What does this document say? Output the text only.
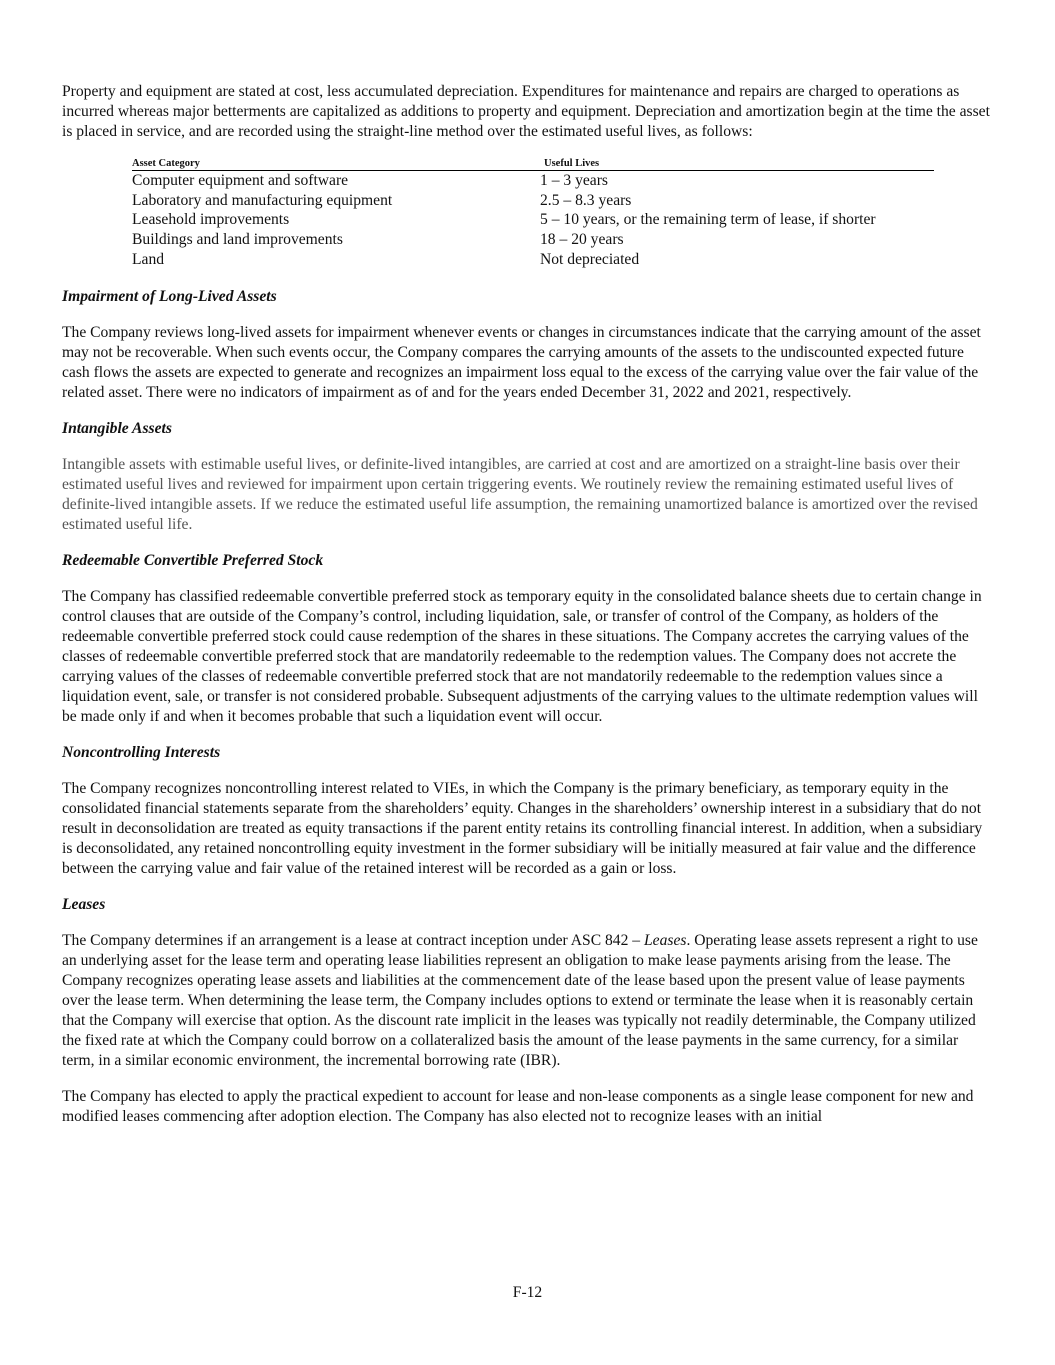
Property and equipment are stated at cost, less accumulated depreciation. Expenditures for maintenance and repairs are charged to operations as incurred whereas major betterments are capitalized as additions to property and equipment. Depreciation and amortization begin at the time the asset is placed in service, and are recorded using the straight-line method over the estimated useful lives, as follows:

Asset Category		Useful Lives
Computer equipment and software		1 – 3 years
Laboratory and manufacturing equipment		2.5 – 8.3 years
Leasehold improvements		5 – 10 years, or the remaining term of lease, if shorter
Buildings and land improvements		18 – 20 years
Land		Not depreciated

Impairment of Long-Lived Assets

The Company reviews long-lived assets for impairment whenever events or changes in circumstances indicate that the carrying amount of the asset may not be recoverable. When such events occur, the Company compares the carrying amounts of the assets to the undiscounted expected future cash flows the assets are expected to generate and recognizes an impairment loss equal to the excess of the carrying value over the fair value of the related asset. There were no indicators of impairment as of and for the years ended December 31, 2022 and 2021, respectively.

Intangible Assets

Intangible assets with estimable useful lives, or definite-lived intangibles, are carried at cost and are amortized on a straight-line basis over their estimated useful lives and reviewed for impairment upon certain triggering events. We routinely review the remaining estimated useful lives of definite-lived intangible assets. If we reduce the estimated useful life assumption, the remaining unamortized balance is amortized over the revised estimated useful life.

Redeemable Convertible Preferred Stock

The Company has classified redeemable convertible preferred stock as temporary equity in the consolidated balance sheets due to certain change in control clauses that are outside of the Company’s control, including liquidation, sale, or transfer of control of the Company, as holders of the redeemable convertible preferred stock could cause redemption of the shares in these situations. The Company accretes the carrying values of the classes of redeemable convertible preferred stock that are mandatorily redeemable to the redemption values. The Company does not accrete the carrying values of the classes of redeemable convertible preferred stock that are not mandatorily redeemable to the redemption values since a liquidation event, sale, or transfer is not considered probable. Subsequent adjustments of the carrying values to the ultimate redemption values will be made only if and when it becomes probable that such a liquidation event will occur.

Noncontrolling Interests

The Company recognizes noncontrolling interest related to VIEs, in which the Company is the primary beneficiary, as temporary equity in the consolidated financial statements separate from the shareholders’ equity. Changes in the shareholders’ ownership interest in a subsidiary that do not result in deconsolidation are treated as equity transactions if the parent entity retains its controlling financial interest. In addition, when a subsidiary is deconsolidated, any retained noncontrolling equity investment in the former subsidiary will be initially measured at fair value and the difference between the carrying value and fair value of the retained interest will be recorded as a gain or loss.

Leases

The Company determines if an arrangement is a lease at contract inception under ASC 842 – Leases. Operating lease assets represent a right to use an underlying asset for the lease term and operating lease liabilities represent an obligation to make lease payments arising from the lease. The Company recognizes operating lease assets and liabilities at the commencement date of the lease based upon the present value of lease payments over the lease term. When determining the lease term, the Company includes options to extend or terminate the lease when it is reasonably certain that the Company will exercise that option. As the discount rate implicit in the leases was typically not readily determinable, the Company utilized the fixed rate at which the Company could borrow on a collateralized basis the amount of the lease payments in the same currency, for a similar term, in a similar economic environment, the incremental borrowing rate (IBR).

The Company has elected to apply the practical expedient to account for lease and non-lease components as a single lease component for new and modified leases commencing after adoption election. The Company has also elected not to recognize leases with an initial

F-12
